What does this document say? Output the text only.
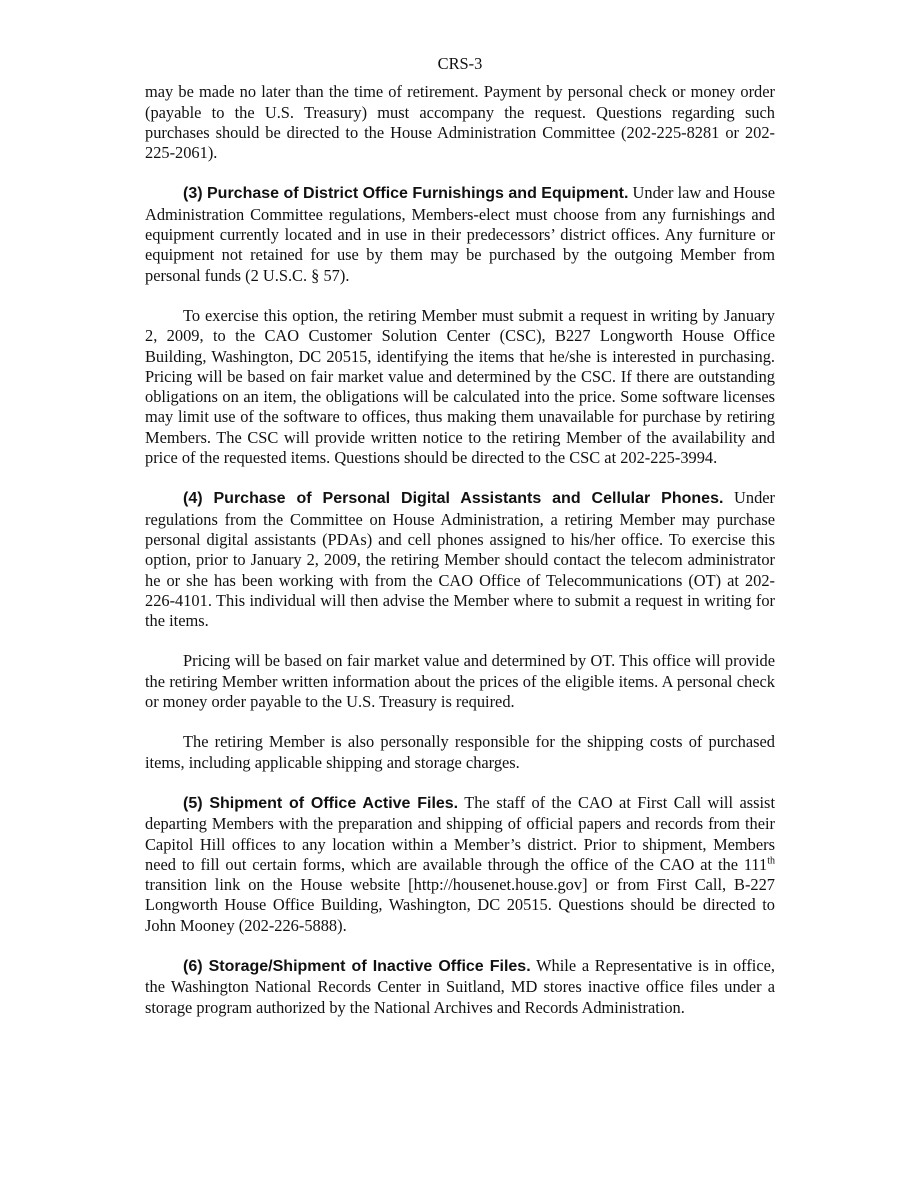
CRS-3

may be made no later than the time of retirement. Payment by personal check or money order (payable to the U.S. Treasury) must accompany the request. Questions regarding such purchases should be directed to the House Administration Committee (202-225-8281 or 202-225-2061).

(3) Purchase of District Office Furnishings and Equipment. Under law and House Administration Committee regulations, Members-elect must choose from any furnishings and equipment currently located and in use in their predecessors’ district offices. Any furniture or equipment not retained for use by them may be purchased by the outgoing Member from personal funds (2 U.S.C. § 57).

To exercise this option, the retiring Member must submit a request in writing by January 2, 2009, to the CAO Customer Solution Center (CSC), B227 Longworth House Office Building, Washington, DC 20515, identifying the items that he/she is interested in purchasing. Pricing will be based on fair market value and determined by the CSC. If there are outstanding obligations on an item, the obligations will be calculated into the price. Some software licenses may limit use of the software to offices, thus making them unavailable for purchase by retiring Members. The CSC will provide written notice to the retiring Member of the availability and price of the requested items. Questions should be directed to the CSC at 202-225-3994.

(4) Purchase of Personal Digital Assistants and Cellular Phones. Under regulations from the Committee on House Administration, a retiring Member may purchase personal digital assistants (PDAs) and cell phones assigned to his/her office. To exercise this option, prior to January 2, 2009, the retiring Member should contact the telecom administrator he or she has been working with from the CAO Office of Telecommunications (OT) at 202-226-4101. This individual will then advise the Member where to submit a request in writing for the items.

Pricing will be based on fair market value and determined by OT. This office will provide the retiring Member written information about the prices of the eligible items. A personal check or money order payable to the U.S. Treasury is required.

The retiring Member is also personally responsible for the shipping costs of purchased items, including applicable shipping and storage charges.

(5) Shipment of Office Active Files. The staff of the CAO at First Call will assist departing Members with the preparation and shipping of official papers and records from their Capitol Hill offices to any location within a Member’s district. Prior to shipment, Members need to fill out certain forms, which are available through the office of the CAO at the 111th transition link on the House website [http://housenet.house.gov] or from First Call, B-227 Longworth House Office Building, Washington, DC 20515. Questions should be directed to John Mooney (202-226-5888).

(6) Storage/Shipment of Inactive Office Files. While a Representative is in office, the Washington National Records Center in Suitland, MD stores inactive office files under a storage program authorized by the National Archives and Records Administration.
